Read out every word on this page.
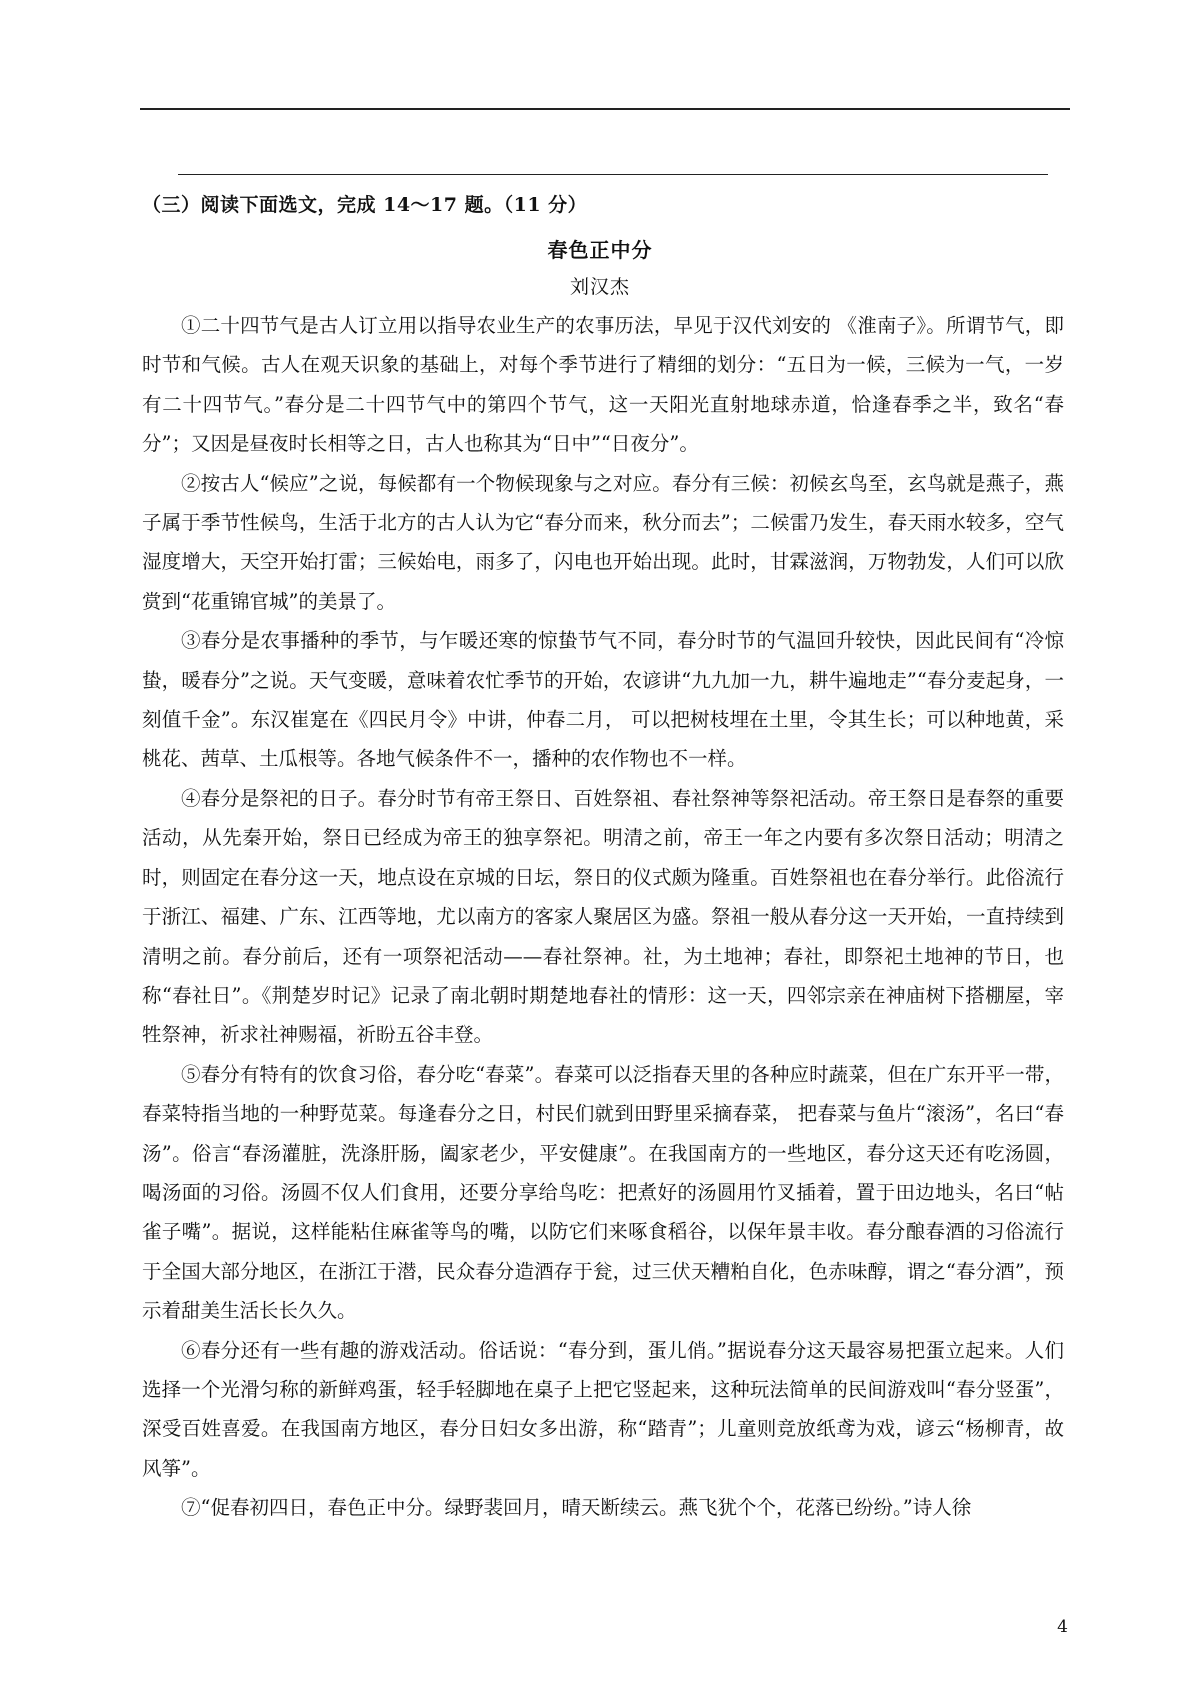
（三）阅读下面选文，完成 14～17 题。（11 分）
春色正中分
刘汉杰

①二十四节气是古人订立用以指导农业生产的农事历法，早见于汉代刘安的 《淮南子》。所谓节气，即时节和气候。古人在观天识象的基础上，对每个季节进行了精细的划分：“五日为一候，三候为一气，一岁有二十四节气。”春分是二十四节气中的第四个节气，这一天阳光直射地球赤道，恰逢春季之半，致名“春分”；又因是昼夜时长相等之日，古人也称其为“日中”“日夜分”。

②按古人“候应”之说，每候都有一个物候现象与之对应。春分有三候：初候玄鸟至，玄鸟就是燕子，燕子属于季节性候鸟，生活于北方的古人认为它“春分而来，秋分而去”；二候雷乃发生，春天雨水较多，空气湿度增大，天空开始打雷；三候始电，雨多了，闪电也开始出现。此时，甘霖滋润，万物勃发，人们可以欣赏到“花重锦官城”的美景了。

③春分是农事播种的季节，与乍暖还寒的惊蛰节气不同，春分时节的气温回升较快，因此民间有“冷惊蛰，暖春分”之说。天气变暖，意味着农忙季节的开始，农谚讲“九九加一九，耕牛遍地走”“春分麦起身，一刻值千金”。东汉崔寔在《四民月令》中讲，仲春二月， 可以把树枝埋在土里，令其生长；可以种地黄，采桃花、茜草、土瓜根等。各地气候条件不一，播种的农作物也不一样。

④春分是祭祀的日子。春分时节有帝王祭日、百姓祭祖、春社祭神等祭祀活动。帝王祭日是春祭的重要活动，从先秦开始，祭日已经成为帝王的独享祭祀。明清之前，帝王一年之内要有多次祭日活动；明清之时，则固定在春分这一天，地点设在京城的日坛，祭日的仪式颇为隆重。百姓祭祖也在春分举行。此俗流行于浙江、福建、广东、江西等地，尤以南方的客家人聚居区为盛。祭祖一般从春分这一天开始，一直持续到清明之前。春分前后，还有一项祭祀活动——春社祭神。社，为土地神；春社，即祭祀土地神的节日，也称“春社日”。《荆楚岁时记》记录了南北朝时期楚地春社的情形：这一天，四邻宗亲在神庙树下搭棚屋，宰牲祭神，祈求社神赐福，祈盼五谷丰登。

⑤春分有特有的饮食习俗，春分吃“春菜”。春菜可以泛指春天里的各种应时蔬菜，但在广东开平一带，春菜特指当地的一种野苋菜。每逢春分之日，村民们就到田野里采摘春菜， 把春菜与鱼片“滚汤”，名曰“春汤”。俗言“春汤灌脏，洗涤肝肠，阖家老少，平安健康”。在我国南方的一些地区，春分这天还有吃汤圆，喝汤面的习俗。汤圆不仅人们食用，还要分享给鸟吃：把煮好的汤圆用竹叉插着，置于田边地头，名曰“帖雀子嘴”。据说，这样能粘住麻雀等鸟的嘴，以防它们来啄食稻谷，以保年景丰收。春分酿春酒的习俗流行于全国大部分地区，在浙江于潜，民众春分造酒存于瓮，过三伏天糟粕自化，色赤味醇，谓之“春分酒”，预示着甜美生活长长久久。

⑥春分还有一些有趣的游戏活动。俗话说：“春分到，蛋儿俏。”据说春分这天最容易把蛋立起来。人们选择一个光滑匀称的新鲜鸡蛋，轻手轻脚地在桌子上把它竖起来，这种玩法简单的民间游戏叫“春分竖蛋”，深受百姓喜爱。在我国南方地区，春分日妇女多出游，称“踏青”；儿童则竞放纸鸢为戏，谚云“杨柳青，故风筝”。

⑦“促春初四日，春色正中分。绿野裴回月，晴天断续云。燕飞犹个个，花落已纷纷。”诗人徐

4
